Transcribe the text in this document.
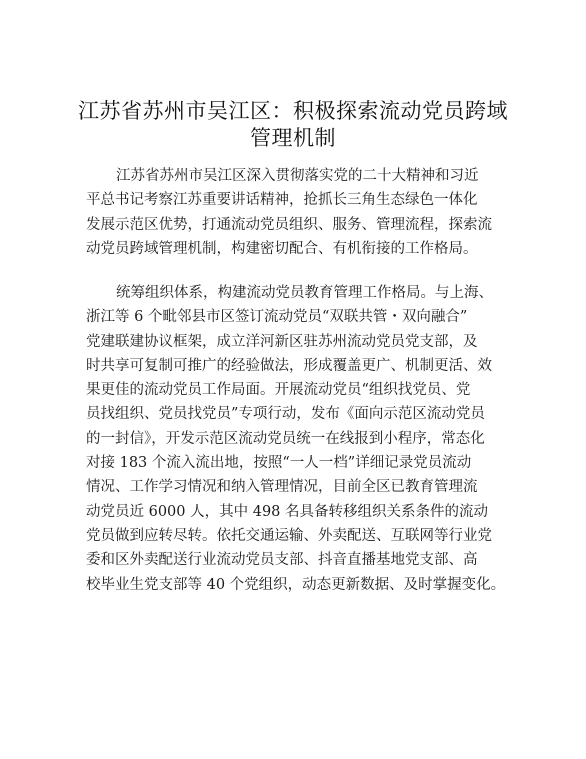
江苏省苏州市吴江区：积极探索流动党员跨域
管理机制
江苏省苏州市吴江区深入贯彻落实党的二十大精神和习近
平总书记考察江苏重要讲话精神，抢抓长三角生态绿色一体化
发展示范区优势，打通流动党员组织、服务、管理流程，探索流
动党员跨域管理机制，构建密切配合、有机衔接的工作格局。
统筹组织体系，构建流动党员教育管理工作格局。与上海、
浙江等 6 个毗邻县市区签订流动党员“双联共管・双向融合”
党建联建协议框架，成立洋河新区驻苏州流动党员党支部，及
时共享可复制可推广的经验做法，形成覆盖更广、机制更活、效
果更佳的流动党员工作局面。开展流动党员“组织找党员、党
员找组织、党员找党员”专项行动，发布《面向示范区流动党员
的一封信》，开发示范区流动党员统一在线报到小程序，常态化
对接 183 个流入流出地，按照“一人一档”详细记录党员流动
情况、工作学习情况和纳入管理情况，目前全区已教育管理流
动党员近 6000 人，其中 498 名具备转移组织关系条件的流动
党员做到应转尽转。依托交通运输、外卖配送、互联网等行业党
委和区外卖配送行业流动党员支部、抖音直播基地党支部、高
校毕业生党支部等 40 个党组织，动态更新数据、及时掌握变化。
